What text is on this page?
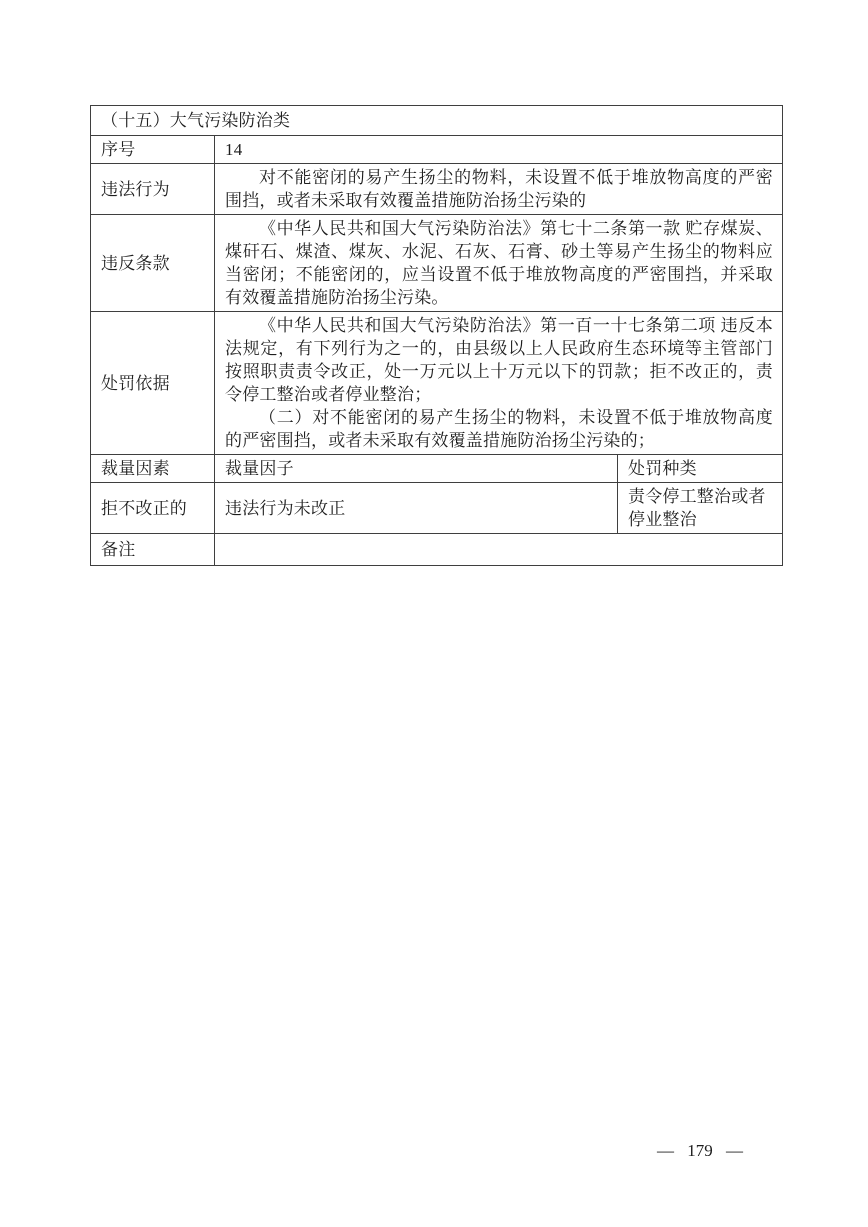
（十五）大气污染防治类		
序号	14	
违法行为	对不能密闭的易产生扬尘的物料，未设置不低于堆放物高度的严密围挡，或者未采取有效覆盖措施防治扬尘污染的	

违反条款	《中华人民共和国大气污染防治法》第七十二条第一款 贮存煤炭、煤矸石、煤渣、煤灰、水泥、石灰、石膏、砂土等易产生扬尘的物料应当密闭；不能密闭的，应当设置不低于堆放物高度的严密围挡，并采取有效覆盖措施防治扬尘污染。	

处罚依据	《中华人民共和国大气污染防治法》第一百一十七条第二项 违反本法规定，有下列行为之一的，由县级以上人民政府生态环境等主管部门按照职责责令改正，处一万元以上十万元以下的罚款；拒不改正的，责令停工整治或者停业整治；

（二）对不能密闭的易产生扬尘的物料，未设置不低于堆放物高度的严密围挡，或者未采取有效覆盖措施防治扬尘污染的；	

裁量因素	裁量因子	处罚种类
拒不改正的	违法行为未改正	责令停工整治或者停业整治
备注		
— 179 —
